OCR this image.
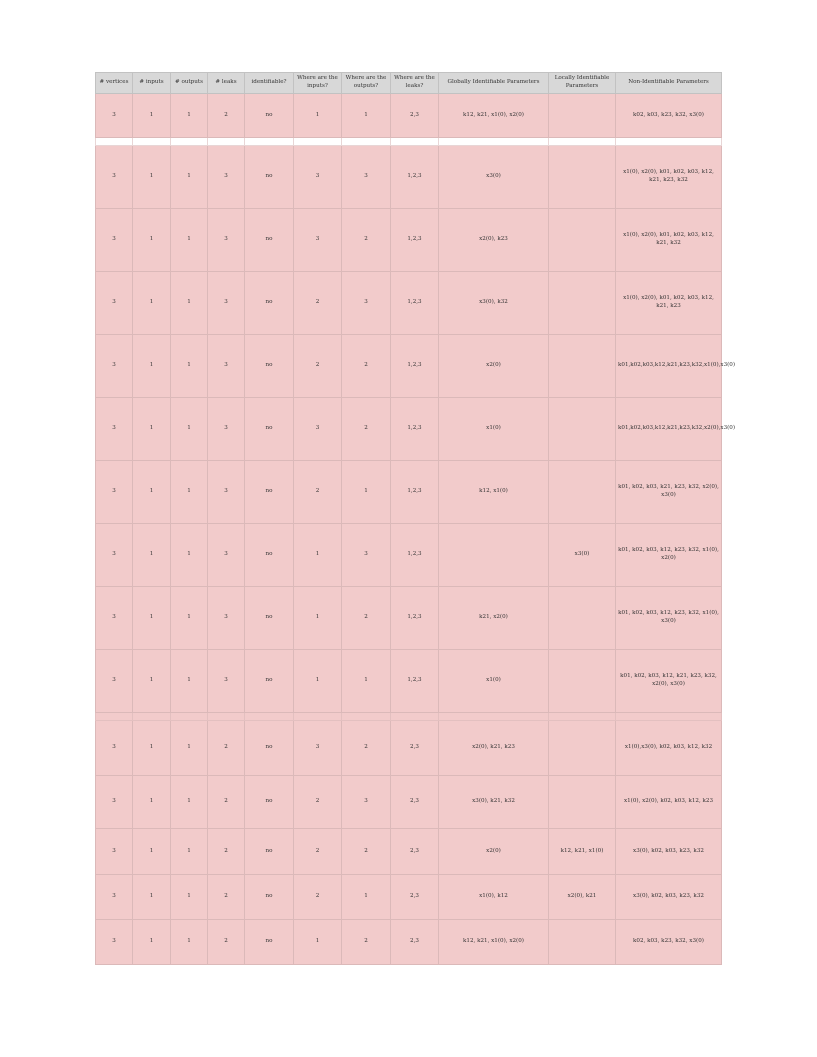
# vertices	# inputs	# outputs	# leaks	identifiable?	Where are the inputs?	Where are the outputs?	Where are the leaks?	Globally Identifiable Parameters	Locally Identifiable Parameters	Non-Identifiable Parameters
3	1	1	2	no	1	1	2,3	k12, k21, x1(0), x2(0)		k02, k03, k23, k32, x3(0)

3	1	1	3	no	3	3	1,2,3	x3(0)		x1(0), x2(0), k01, k02, k03, k12, k21, k23, k32
3	1	1	3	no	3	2	1,2,3	x2(0), k23		x1(0), x2(0), k01, k02, k03, k12, k21, k32
3	1	1	3	no	2	3	1,2,3	x3(0), k32		x1(0), x2(0), k01, k02, k03, k12, k21, k23
3	1	1	3	no	2	2	1,2,3	x2(0)		k01,k02,k03,k12,k21,k23,k32,x1(0),x3(0)
3	1	1	3	no	3	2	1,2,3	x1(0)		k01,k02,k03,k12,k21,k23,k32,x2(0),x3(0)
3	1	1	3	no	2	1	1,2,3	k12, x1(0)		k01, k02, k03, k21, k23, k32, x2(0), x3(0)
3	1	1	3	no	1	3	1,2,3		x3(0)	k01, k02, k03, k12, k23, k32, x1(0), x2(0)
3	1	1	3	no	1	2	1,2,3	k21, x2(0)		k01, k02, k03, k12, k23, k32, x1(0), x3(0)
3	1	1	3	no	1	1	1,2,3	x1(0)		k01, k02, k03, k12, k21, k23, k32, x2(0), x3(0)

3	1	1	2	no	3	2	2,3	x2(0), k21, k23		x1(0),x3(0), k02, k03, k12, k32
3	1	1	2	no	2	3	2,3	x3(0), k21, k32		x1(0), x2(0), k02, k03, k12, k23
3	1	1	2	no	2	2	2,3	x2(0)	k12, k21, x1(0)	x3(0), k02, k03, k23, k32
3	1	1	2	no	2	1	2,3	x1(0), k12	x2(0), k21	x3(0), k02, k03, k23, k32
3	1	1	2	no	1	2	2,3	k12, k21, x1(0), x2(0)		k02, k03, k23, k32, x3(0)
